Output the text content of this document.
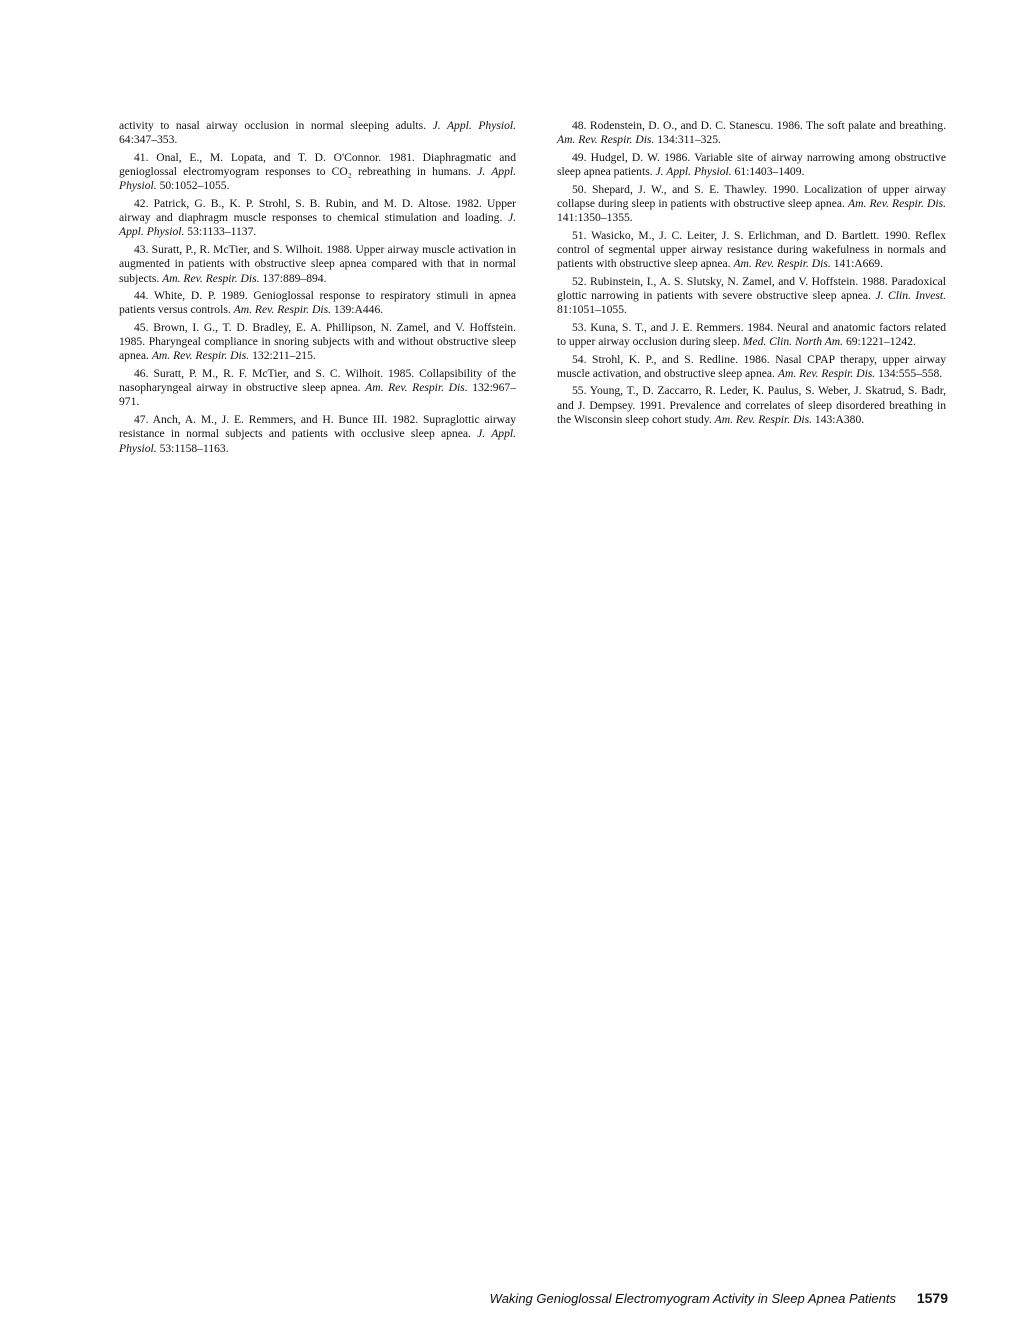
activity to nasal airway occlusion in normal sleeping adults. J. Appl. Physiol. 64:347–353.

41. Onal, E., M. Lopata, and T. D. O'Connor. 1981. Diaphragmatic and genioglossal electromyogram responses to CO₂ rebreathing in humans. J. Appl. Physiol. 50:1052–1055.

42. Patrick, G. B., K. P. Strohl, S. B. Rubin, and M. D. Altose. 1982. Upper airway and diaphragm muscle responses to chemical stimulation and loading. J. Appl. Physiol. 53:1133–1137.

43. Suratt, P., R. McTier, and S. Wilhoit. 1988. Upper airway muscle activation in augmented in patients with obstructive sleep apnea compared with that in normal subjects. Am. Rev. Respir. Dis. 137:889–894.

44. White, D. P. 1989. Genioglossal response to respiratory stimuli in apnea patients versus controls. Am. Rev. Respir. Dis. 139:A446.

45. Brown, I. G., T. D. Bradley, E. A. Phillipson, N. Zamel, and V. Hoffstein. 1985. Pharyngeal compliance in snoring subjects with and without obstructive sleep apnea. Am. Rev. Respir. Dis. 132:211–215.

46. Suratt, P. M., R. F. McTier, and S. C. Wilhoit. 1985. Collapsibility of the nasopharyngeal airway in obstructive sleep apnea. Am. Rev. Respir. Dis. 132:967–971.

47. Anch, A. M., J. E. Remmers, and H. Bunce III. 1982. Supraglottic airway resistance in normal subjects and patients with occlusive sleep apnea. J. Appl. Physiol. 53:1158–1163.

48. Rodenstein, D. O., and D. C. Stanescu. 1986. The soft palate and breathing. Am. Rev. Respir. Dis. 134:311–325.

49. Hudgel, D. W. 1986. Variable site of airway narrowing among obstructive sleep apnea patients. J. Appl. Physiol. 61:1403–1409.

50. Shepard, J. W., and S. E. Thawley. 1990. Localization of upper airway collapse during sleep in patients with obstructive sleep apnea. Am. Rev. Respir. Dis. 141:1350–1355.

51. Wasicko, M., J. C. Leiter, J. S. Erlichman, and D. Bartlett. 1990. Reflex control of segmental upper airway resistance during wakefulness in normals and patients with obstructive sleep apnea. Am. Rev. Respir. Dis. 141:A669.

52. Rubinstein, I., A. S. Slutsky, N. Zamel, and V. Hoffstein. 1988. Paradoxical glottic narrowing in patients with severe obstructive sleep apnea. J. Clin. Invest. 81:1051–1055.

53. Kuna, S. T., and J. E. Remmers. 1984. Neural and anatomic factors related to upper airway occlusion during sleep. Med. Clin. North Am. 69:1221–1242.

54. Strohl, K. P., and S. Redline. 1986. Nasal CPAP therapy, upper airway muscle activation, and obstructive sleep apnea. Am. Rev. Respir. Dis. 134:555–558.

55. Young, T., D. Zaccarro, R. Leder, K. Paulus, S. Weber, J. Skatrud, S. Badr, and J. Dempsey. 1991. Prevalence and correlates of sleep disordered breathing in the Wisconsin sleep cohort study. Am. Rev. Respir. Dis. 143:A380.

Waking Genioglossal Electromyogram Activity in Sleep Apnea Patients 1579
